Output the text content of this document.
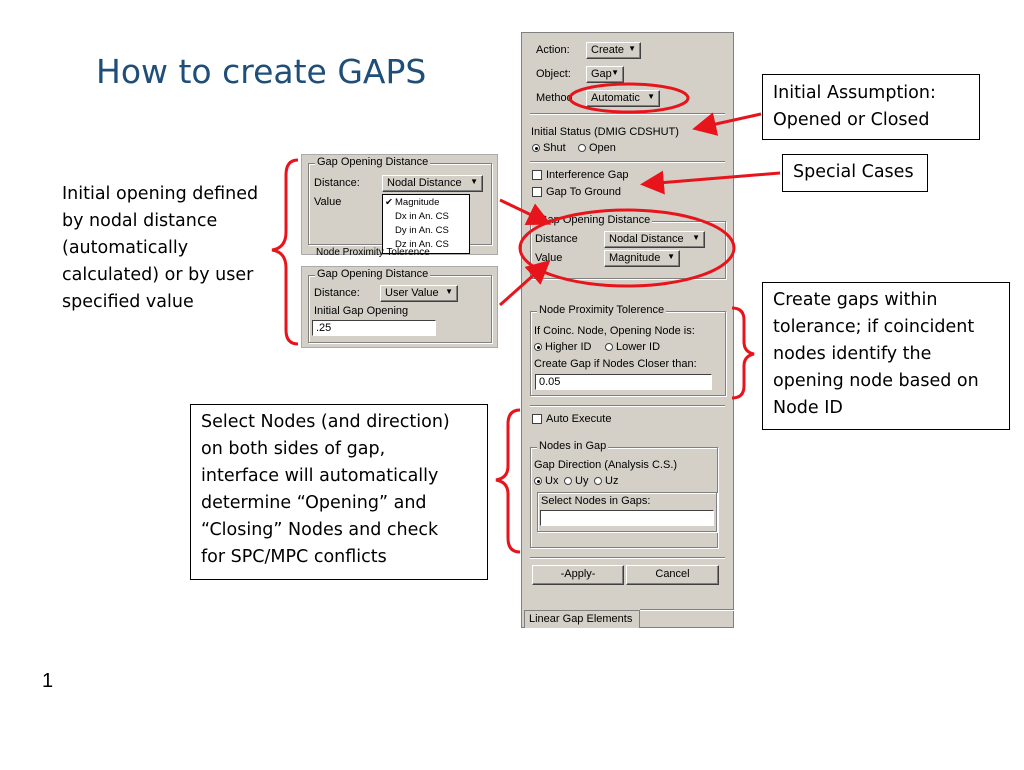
How to create GAPS
1
Initial opening defined
by nodal distance
(automatically
calculated) or by user
specified value
Gap Opening Distance
Distance:	Nodal Distance ▼
Value	✔ Magnitude
Dx in An. CS
Dy in An. CS
Dz in An. CS
Node Proximity Tolerence
Gap Opening Distance
Distance:	User Value ▼
Initial Gap Opening
.25
Action:	Create ▼
Object:	Gap ▼
Method	Automatic ▼
Initial Status (DMIG CDSHUT)
Shut	Open
Interference Gap
Gap To Ground
Gap Opening Distance
Distance	Nodal Distance ▼
Value	Magnitude ▼
Node Proximity Tolerence
If Coinc. Node, Opening Node is:
Higher ID	Lower ID
Create Gap if Nodes Closer than:
0.05
Auto Execute
Nodes in Gap
Gap Direction (Analysis C.S.)
Ux	Uy	Uz
Select Nodes in Gaps:
-Apply-	Cancel
Linear Gap Elements
Initial Assumption:
Opened or Closed
Special Cases
Create gaps within
tolerance; if coincident
nodes identify the
opening node based on
Node ID
Select Nodes (and direction)
on both sides of gap,
interface will automatically
determine “Opening” and
“Closing” Nodes and check
for SPC/MPC conflicts
